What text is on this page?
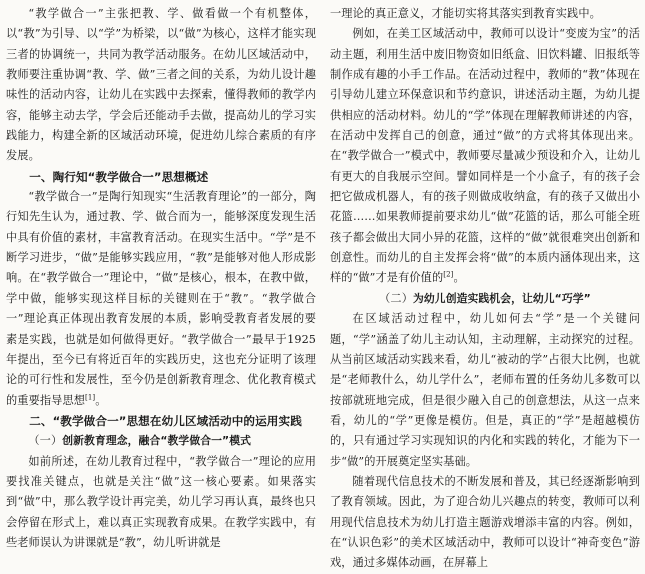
“教学做合一”主张把教、学、做看做一个有机整体，以“教”为引导、以“学”为桥梁，以“做”为核心，这样才能实现三者的协调统一，共同为教学活动服务。在幼儿区域活动中，教师要注重协调“教、学、做”三者之间的关系，为幼儿设计趣味性的活动内容，让幼儿在实践中去探索，懂得教师的教学内容，能够主动去学，学会后还能动手去做，提高幼儿的学习实践能力，构建全新的区域活动环境，促进幼儿综合素质的有序发展。

一、陶行知“教学做合一”思想概述

“教学做合一”是陶行知现实“生活教育理论”的一部分，陶行知先生认为，通过教、学、做合而为一，能够深度发现生活中具有价值的素材，丰富教育活动。在现实生活中。“学”是不断学习进步，“做”是能够实践应用，“教”是能够对他人形成影响。在“教学做合一”理论中，“做”是核心，根本，在教中做，学中做，能够实现这样目标的关键则在于“教”。“教学做合一”理论真正体现出教育发展的本质，影响受教育者发展的要素是实践，也就是如何做得更好。“教学做合一”最早于1925年提出，至今已有将近百年的实践历史，这也充分证明了该理论的可行性和发展性，至今仍是创新教育理念、优化教育模式的重要指导思想[1]。

二、“教学做合一”思想在幼儿区域活动中的运用实践
（一）创新教育理念，融合“教学做合一”模式

如前所述，在幼儿教育过程中，“教学做合一”理论的应用要找准关键点，也就是关注“做”这一核心要素。如果落实到“做”中，那么教学设计再完美，幼儿学习再认真，最终也只会停留在形式上，难以真正实现教育成果。在教学实践中，有些老师误认为讲课就是“教”，幼儿听讲就是

一理论的真正意义，才能切实将其落实到教育实践中。

例如，在美工区域活动中，教师可以设计“变废为宝”的活动主题，利用生活中废旧物资如旧纸盒、旧饮料罐、旧报纸等制作成有趣的小手工作品。在活动过程中，教师的“教”体现在引导幼儿建立环保意识和节约意识，讲述活动主题，为幼儿提供相应的活动材料。幼儿的“学”体现在理解教师讲述的内容，在活动中发挥自己的创意，通过“做”的方式将其体现出来。在“教学做合一”模式中，教师要尽量减少预设和介入，让幼儿有更大的自我展示空间。譬如同样是一个小盒子，有的孩子会把它做成机器人，有的孩子则做成收纳盒，有的孩子又做出小花篮……如果教师提前要求幼儿“做”花篮的话，那么可能全班孩子都会做出大同小异的花篮，这样的“做”就很难突出创新和创意性。而幼儿的自主发挥会将“做”的本质内涵体现出来，这样的“做”才是有价值的[2]。

（二）为幼儿创造实践机会，让幼儿“巧学”

在区域活动过程中，幼儿如何去“学”是一个关键问题，“学”涵盖了幼儿主动认知，主动理解，主动探究的过程。从当前区域活动实践来看，幼儿“被动的学”占很大比例，也就是“老师教什么，幼儿学什么”，老师布置的任务幼儿多数可以按部就班地完成，但是很少融入自己的创意想法，从这一点来看，幼儿的“学”更像是模仿。但是，真正的“学”是超越模仿的，只有通过学习实现知识的内化和实践的转化，才能为下一步“做”的开展奠定坚实基础。

随着现代信息技术的不断发展和普及，其已经逐渐影响到了教育领域。因此，为了迎合幼儿兴趣点的转变，教师可以利用现代信息技术为幼儿打造主题游戏增添丰富的内容。例如，在“认识色彩”的美术区域活动中，教师可以设计“神奇变色”游戏，通过多媒体动画，在屏幕上
